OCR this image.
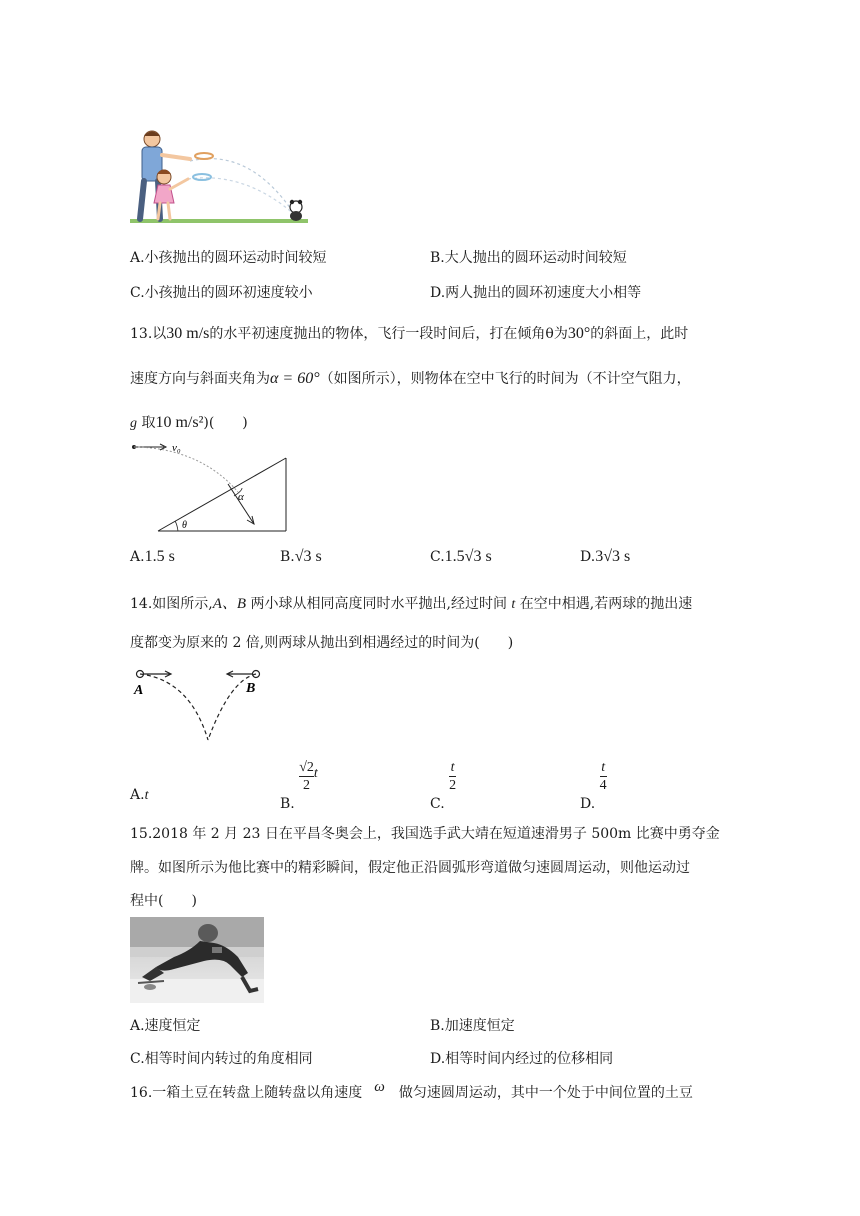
A.小孩抛出的圆环运动时间较短	B.大人抛出的圆环运动时间较短
C.小孩抛出的圆环初速度较小	D.两人抛出的圆环初速度大小相等
13.以30 m/s的水平初速度抛出的物体，飞行一段时间后，打在倾角θ为30°的斜面上，此时
速度方向与斜面夹角为α = 60°（如图所示），则物体在空中飞行的时间为（不计空气阻力，
g 取10 m/s²)(　　)
v₀
α
θ
A.1.5 s	B.√3 s	C.1.5√3 s	D.3√3 s
14.如图所示,A、B 两小球从相同高度同时水平抛出,经过时间 t 在空中相遇,若两球的抛出速
度都变为原来的 2 倍,则两球从抛出到相遇经过的时间为(　　)
A	B
A.t
B.
$\frac{√2}{2}$ t
C.
$\frac{t}{2}$
D.
$\frac{t}{4}$
15.2018 年 2 月 23 日在平昌冬奥会上，我国选手武大靖在短道速滑男子 500m 比赛中勇夺金
牌。如图所示为他比赛中的精彩瞬间，假定他正沿圆弧形弯道做匀速圆周运动，则他运动过
程中(　　)
A.速度恒定	B.加速度恒定
C.相等时间内转过的角度相同	D.相等时间内经过的位移相同
16.一箱土豆在转盘上随转盘以角速度 ω 做匀速圆周运动，其中一个处于中间位置的土豆
